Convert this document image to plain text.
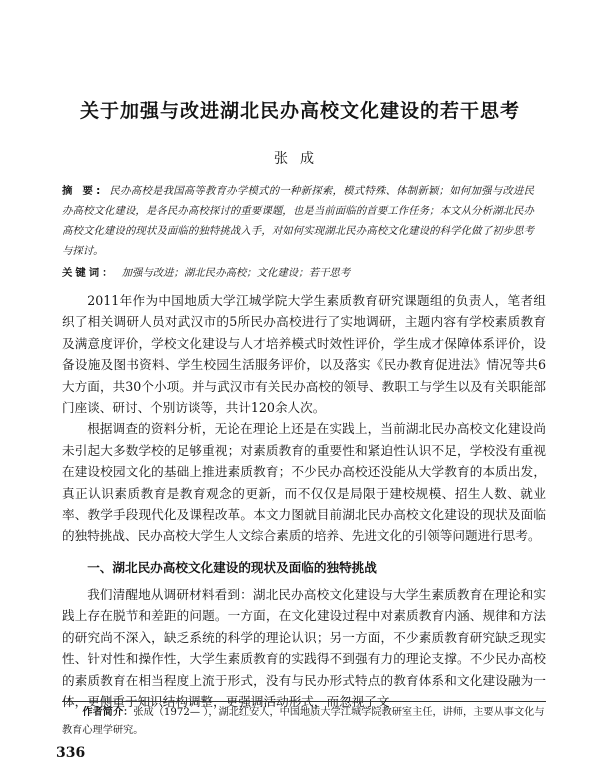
关于加强与改进湖北民办高校文化建设的若干思考
张成
摘 要: 民办高校是我国高等教育办学模式的一种新探索，模式特殊、体制新颖；如何加强与改进民办高校文化建设，是各民办高校探讨的重要课题，也是当前面临的首要工作任务；本文从分析湖北民办高校文化建设的现状及面临的独特挑战入手，对如何实现湖北民办高校文化建设的科学化做了初步思考与探讨。
关键词： 加强与改进；湖北民办高校；文化建设；若干思考

2011年作为中国地质大学江城学院大学生素质教育研究课题组的负责人，笔者组织了相关调研人员对武汉市的5所民办高校进行了实地调研，主题内容有学校素质教育及满意度评价，学校文化建设与人才培养模式时效性评价，学生成才保障体系评价，设备设施及图书资料、学生校园生活服务评价，以及落实《民办教育促进法》情况等共6大方面，共30个小项。并与武汉市有关民办高校的领导、教职工与学生以及有关职能部门座谈、研讨、个别访谈等，共计120余人次。

根据调查的资料分析，无论在理论上还是在实践上，当前湖北民办高校文化建设尚未引起大多数学校的足够重视；对素质教育的重要性和紧迫性认识不足，学校没有重视在建设校园文化的基础上推进素质教育；不少民办高校还没能从大学教育的本质出发，真正认识素质教育是教育观念的更新，而不仅仅是局限于建校规模、招生人数、就业率、教学手段现代化及课程改革。本文力图就目前湖北民办高校文化建设的现状及面临的独特挑战、民办高校大学生人文综合素质的培养、先进文化的引领等问题进行思考。

一、湖北民办高校文化建设的现状及面临的独特挑战

我们清醒地从调研材料看到：湖北民办高校文化建设与大学生素质教育在理论和实践上存在脱节和差距的问题。一方面，在文化建设过程中对素质教育内涵、规律和方法的研究尚不深入，缺乏系统的科学的理论认识；另一方面，不少素质教育研究缺乏现实性、针对性和操作性，大学生素质教育的实践得不到强有力的理论支撑。不少民办高校的素质教育在相当程度上流于形式，没有与民办形式特点的教育体系和文化建设融为一体，更侧重于知识结构调整，更强调活动形式，而忽视了文

作者简介：张成（1972— ），湖北红安人，中国地质大学江城学院教研室主任，讲师，主要从事文化与教育心理学研究。
336
